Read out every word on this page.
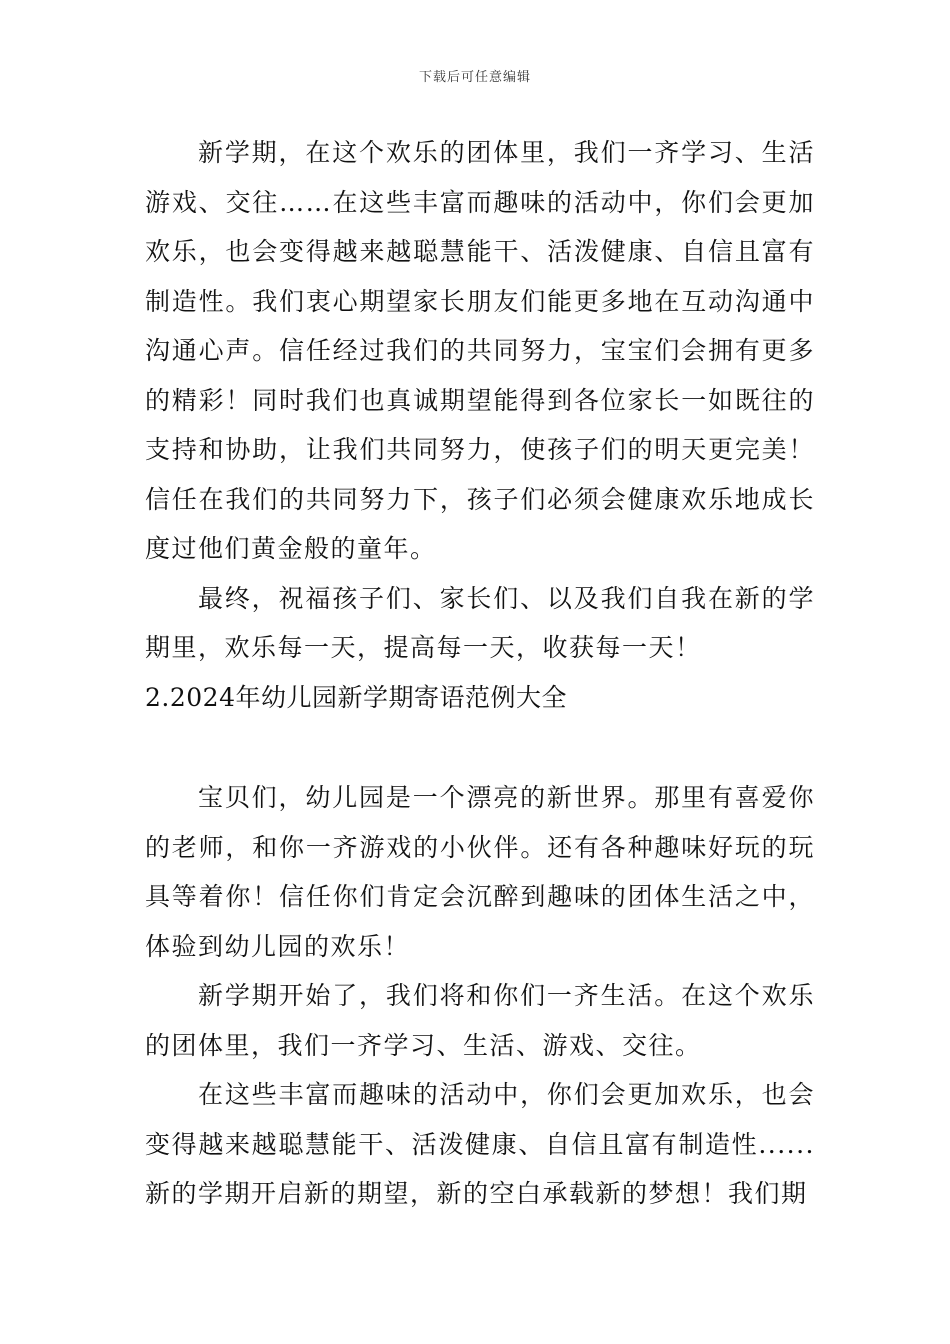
下载后可任意编辑

新学期，在这个欢乐的团体里，我们一齐学习、生活游戏、交往……在这些丰富而趣味的活动中，你们会更加欢乐，也会变得越来越聪慧能干、活泼健康、自信且富有制造性。我们衷心期望家长朋友们能更多地在互动沟通中沟通心声。信任经过我们的共同努力，宝宝们会拥有更多的精彩！同时我们也真诚期望能得到各位家长一如既往的支持和协助，让我们共同努力，使孩子们的明天更完美！信任在我们的共同努力下，孩子们必须会健康欢乐地成长度过他们黄金般的童年。

最终，祝福孩子们、家长们、以及我们自我在新的学期里，欢乐每一天，提高每一天，收获每一天！

2.2024年幼儿园新学期寄语范例大全

宝贝们，幼儿园是一个漂亮的新世界。那里有喜爱你的老师，和你一齐游戏的小伙伴。还有各种趣味好玩的玩具等着你！信任你们肯定会沉醉到趣味的团体生活之中，体验到幼儿园的欢乐！

新学期开始了，我们将和你们一齐生活。在这个欢乐的团体里，我们一齐学习、生活、游戏、交往。

在这些丰富而趣味的活动中，你们会更加欢乐，也会变得越来越聪慧能干、活泼健康、自信且富有制造性......新的学期开启新的期望，新的空白承载新的梦想！我们期
